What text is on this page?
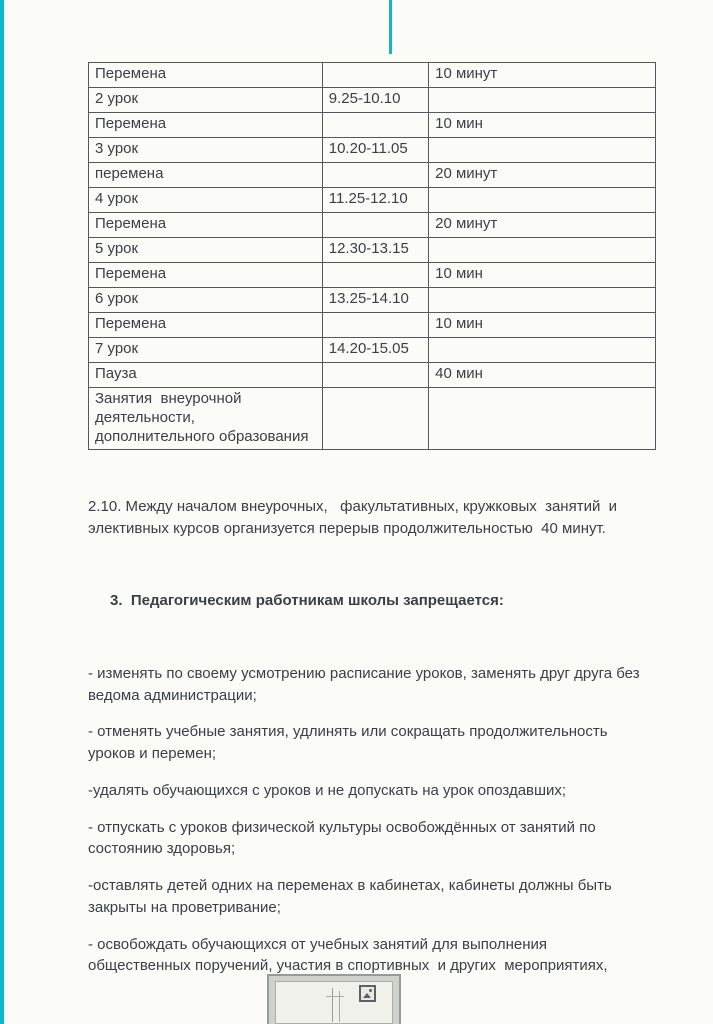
Перемена		10 минут
2 урок	9.25-10.10	
Перемена		10 мин
3 урок	10.20-11.05	
перемена		20 минут
4 урок	11.25-12.10	
Перемена		20 минут
5 урок	12.30-13.15	
Перемена		10 мин
6 урок	13.25-14.10	
Перемена		10 мин
7 урок	14.20-15.05	
Пауза		40 мин
Занятия  внеурочной деятельности, дополнительного образования		

2.10. Между началом внеурочных,   факультативных, кружковых  занятий  и элективных курсов организуется перерыв продолжительностью  40 минут.

3.  Педагогическим работникам школы запрещается:

- изменять по своему усмотрению расписание уроков, заменять друг друга без ведома администрации;

- отменять учебные занятия, удлинять или сокращать продолжительность уроков и перемен;

-удалять обучающихся с уроков и не допускать на урок опоздавших;

- отпускать с уроков физической культуры освобождённых от занятий по состоянию здоровья;

-оставлять детей одних на переменах в кабинетах, кабинеты должны быть закрыты на проветривание;

- освобождать обучающихся от учебных занятий для выполнения общественных поручений, участия в спортивных  и других  мероприятиях,
